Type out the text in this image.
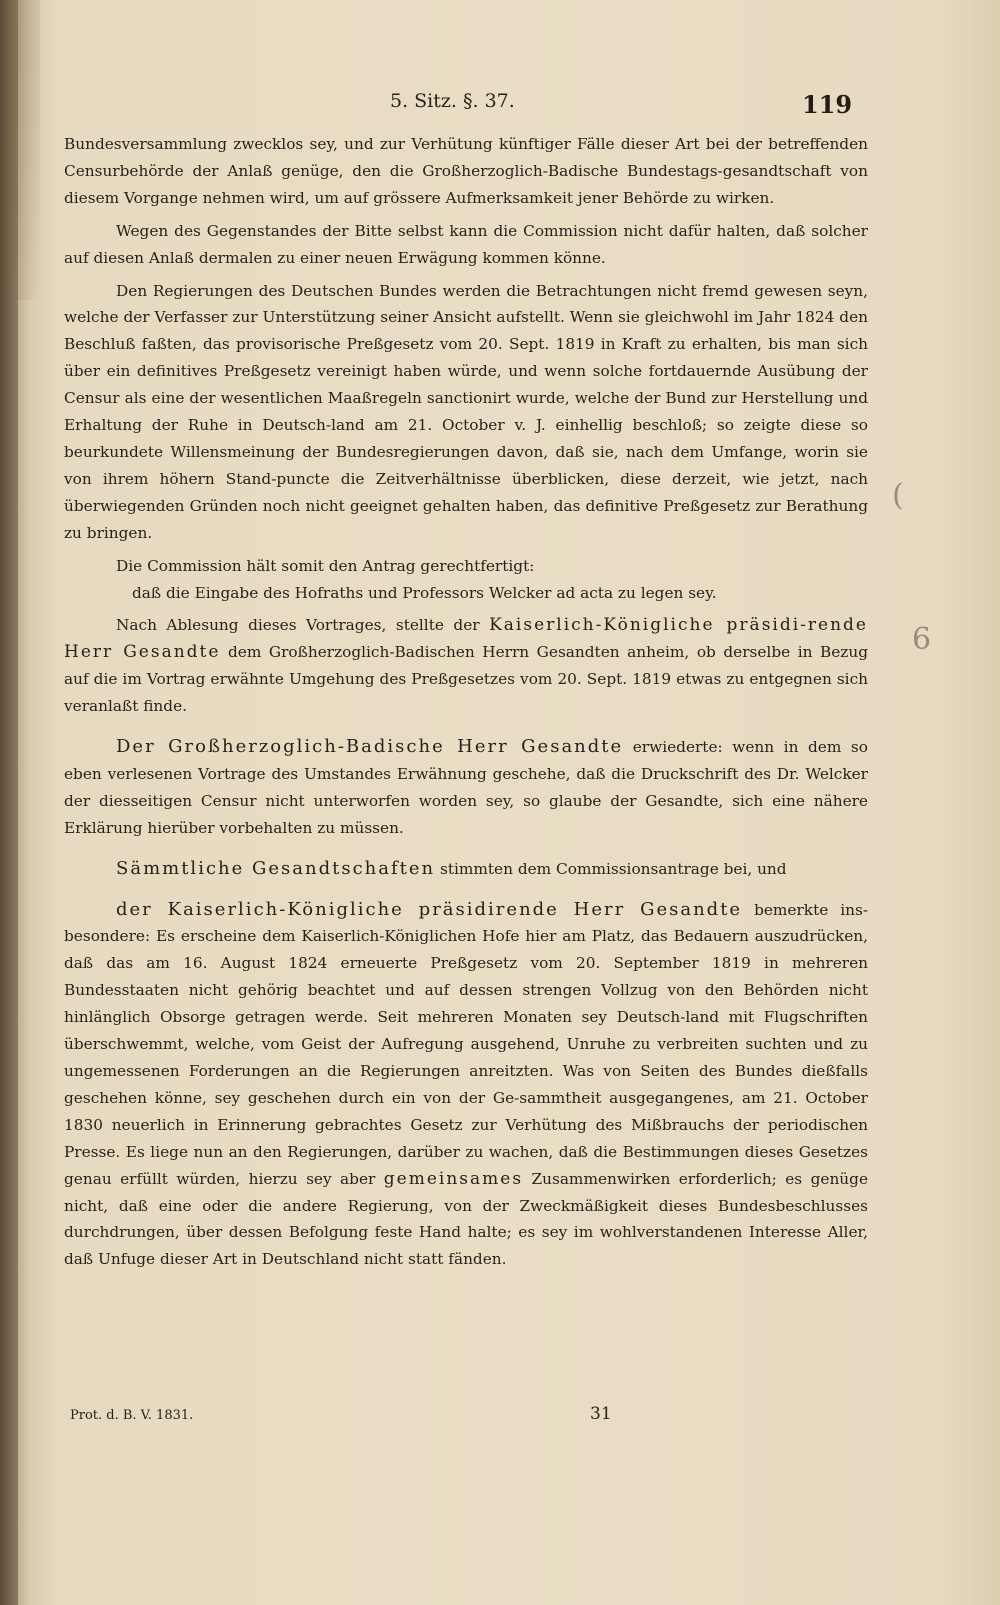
5. Sitz. §. 37.	119

Bundesversammlung zwecklos sey, und zur Verhütung künftiger Fälle dieser Art bei der betreffenden Censurbehörde der Anlaß genüge, den die Großherzoglich-Badische Bundestags-gesandtschaft von diesem Vorgange nehmen wird, um auf grössere Aufmerksamkeit jener Behörde zu wirken.

Wegen des Gegenstandes der Bitte selbst kann die Commission nicht dafür halten, daß solcher auf diesen Anlaß dermalen zu einer neuen Erwägung kommen könne.

Den Regierungen des Deutschen Bundes werden die Betrachtungen nicht fremd gewesen seyn, welche der Verfasser zur Unterstützung seiner Ansicht aufstellt. Wenn sie gleichwohl im Jahr 1824 den Beschluß faßten, das provisorische Preßgesetz vom 20. Sept. 1819 in Kraft zu erhalten, bis man sich über ein definitives Preßgesetz vereinigt haben würde, und wenn solche fortdauernde Ausübung der Censur als eine der wesentlichen Maaßregeln sanctionirt wurde, welche der Bund zur Herstellung und Erhaltung der Ruhe in Deutsch-land am 21. October v. J. einhellig beschloß; so zeigte diese so beurkundete Willensmeinung der Bundesregierungen davon, daß sie, nach dem Umfange, worin sie von ihrem höhern Stand-puncte die Zeitverhältnisse überblicken, diese derzeit, wie jetzt, nach überwiegenden Gründen noch nicht geeignet gehalten haben, das definitive Preßgesetz zur Berathung zu bringen.

Die Commission hält somit den Antrag gerechtfertigt:

daß die Eingabe des Hofraths und Professors Welcker ad acta zu legen sey.

Nach Ablesung dieses Vortrages, stellte der Kaiserlich-Königliche präsidi-rende Herr Gesandte dem Großherzoglich-Badischen Herrn Gesandten anheim, ob derselbe in Bezug auf die im Vortrag erwähnte Umgehung des Preßgesetzes vom 20. Sept. 1819 etwas zu entgegnen sich veranlaßt finde.

Der Großherzoglich-Badische Herr Gesandte erwiederte: wenn in dem so eben verlesenen Vortrage des Umstandes Erwähnung geschehe, daß die Druckschrift des Dr. Welcker der diesseitigen Censur nicht unterworfen worden sey, so glaube der Gesandte, sich eine nähere Erklärung hierüber vorbehalten zu müssen.

Sämmtliche Gesandtschaften stimmten dem Commissionsantrage bei, und

der Kaiserlich-Königliche präsidirende Herr Gesandte bemerkte ins-besondere: Es erscheine dem Kaiserlich-Königlichen Hofe hier am Platz, das Bedauern auszudrücken, daß das am 16. August 1824 erneuerte Preßgesetz vom 20. September 1819 in mehreren Bundesstaaten nicht gehörig beachtet und auf dessen strengen Vollzug von den Behörden nicht hinlänglich Obsorge getragen werde. Seit mehreren Monaten sey Deutsch-land mit Flugschriften überschwemmt, welche, vom Geist der Aufregung ausgehend, Unruhe zu verbreiten suchten und zu ungemessenen Forderungen an die Regierungen anreitzten. Was von Seiten des Bundes dießfalls geschehen könne, sey geschehen durch ein von der Ge-sammtheit ausgegangenes, am 21. October 1830 neuerlich in Erinnerung gebrachtes Gesetz zur Verhütung des Mißbrauchs der periodischen Presse. Es liege nun an den Regierungen, darüber zu wachen, daß die Bestimmungen dieses Gesetzes genau erfüllt würden, hierzu sey aber gemeinsames Zusammenwirken erforderlich; es genüge nicht, daß eine oder die andere Regierung, von der Zweckmäßigkeit dieses Bundesbeschlusses durchdrungen, über dessen Befolgung feste Hand halte; es sey im wohlverstandenen Interesse Aller, daß Unfuge dieser Art in Deutschland nicht statt fänden.

Prot. d. B. V. 1831.	31
(
6
